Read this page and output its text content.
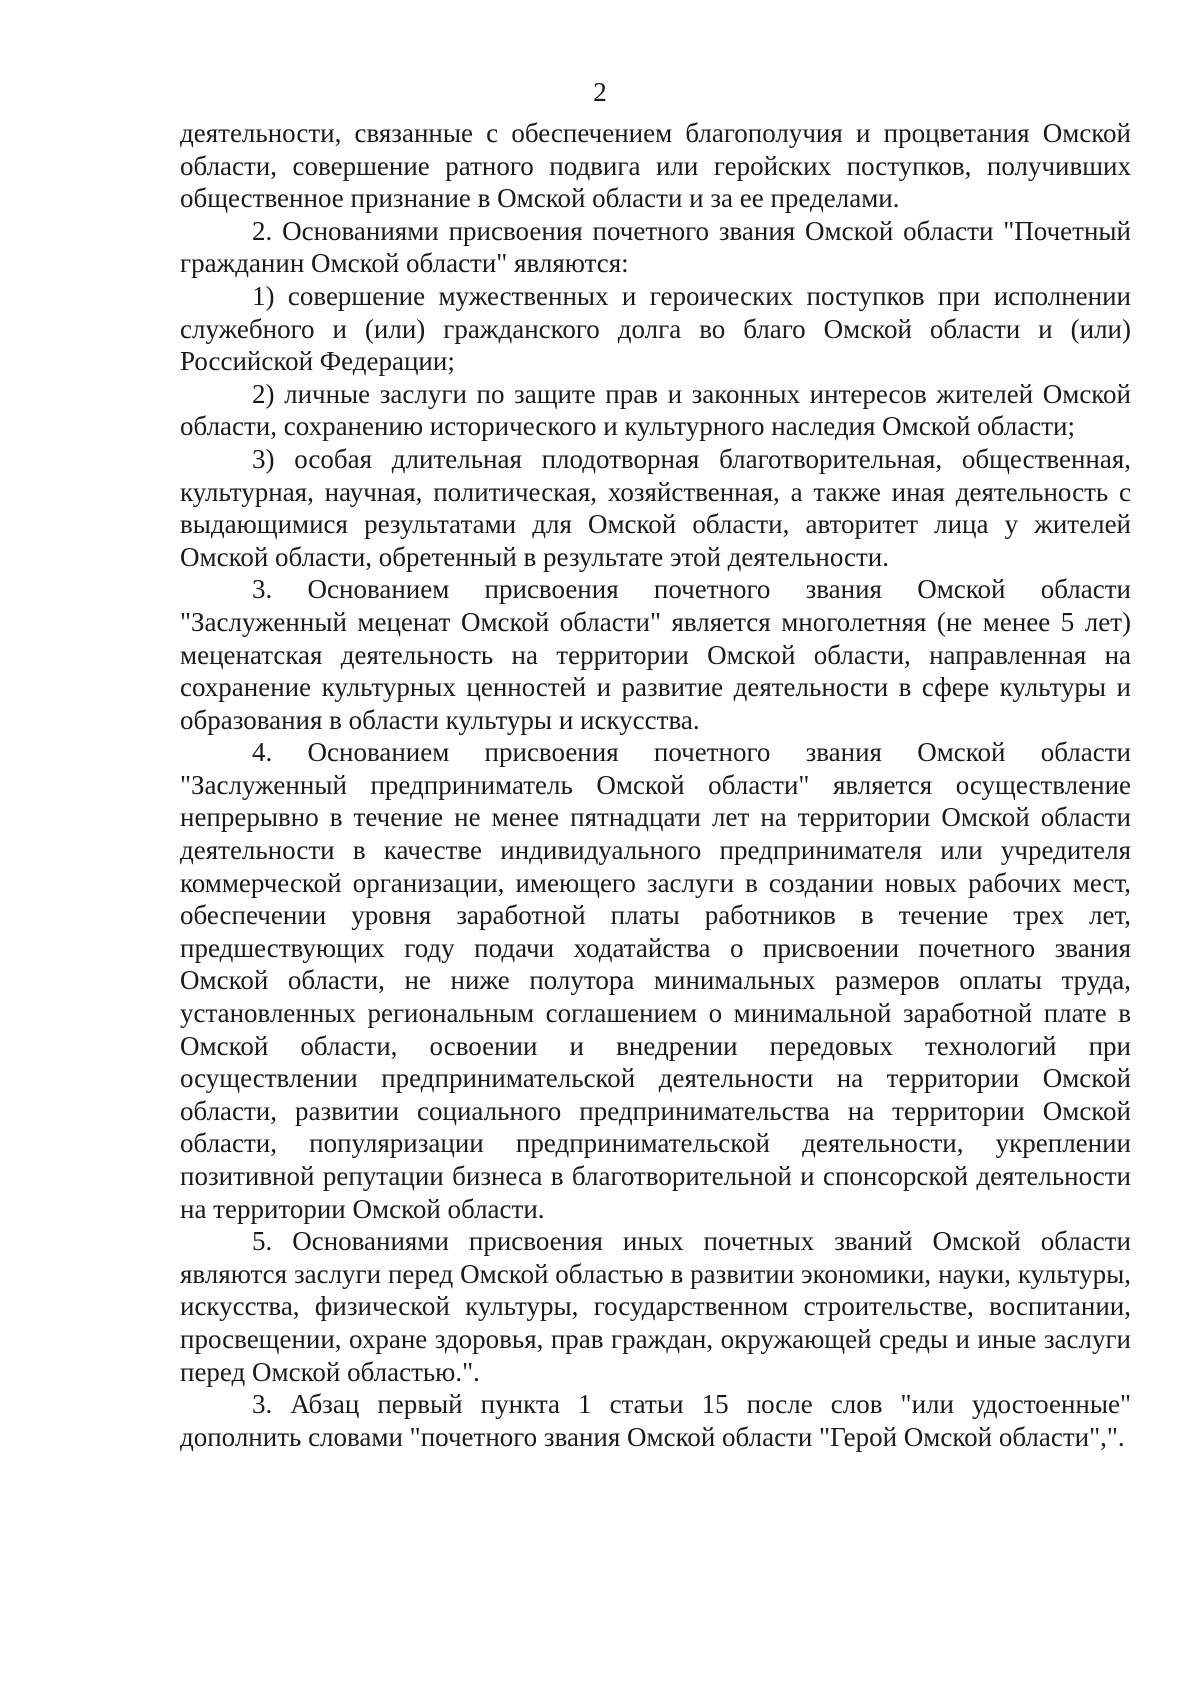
2

деятельности, связанные с обеспечением благополучия и процветания Омской области, совершение ратного подвига или геройских поступков, получивших общественное признание в Омской области и за ее пределами.

2. Основаниями присвоения почетного звания Омской области "Почетный гражданин Омской области" являются:

1) совершение мужественных и героических поступков при исполнении служебного и (или) гражданского долга во благо Омской области и (или) Российской Федерации;

2) личные заслуги по защите прав и законных интересов жителей Омской области, сохранению исторического и культурного наследия Омской области;

3) особая длительная плодотворная благотворительная, общественная, культурная, научная, политическая, хозяйственная, а также иная деятельность с выдающимися результатами для Омской области, авторитет лица у жителей Омской области, обретенный в результате этой деятельности.

3. Основанием присвоения почетного звания Омской области "Заслуженный меценат Омской области" является многолетняя (не менее 5 лет) меценатская деятельность на территории Омской области, направленная на сохранение культурных ценностей и развитие деятельности в сфере культуры и образования в области культуры и искусства.

4. Основанием присвоения почетного звания Омской области "Заслуженный предприниматель Омской области" является осуществление непрерывно в течение не менее пятнадцати лет на территории Омской области деятельности в качестве индивидуального предпринимателя или учредителя коммерческой организации, имеющего заслуги в создании новых рабочих мест, обеспечении уровня заработной платы работников в течение трех лет, предшествующих году подачи ходатайства о присвоении почетного звания Омской области, не ниже полутора минимальных размеров оплаты труда, установленных региональным соглашением о минимальной заработной плате в Омской области, освоении и внедрении передовых технологий при осуществлении предпринимательской деятельности на территории Омской области, развитии социального предпринимательства на территории Омской области, популяризации предпринимательской деятельности, укреплении позитивной репутации бизнеса в благотворительной и спонсорской деятельности на территории Омской области.

5. Основаниями присвоения иных почетных званий Омской области являются заслуги перед Омской областью в развитии экономики, науки, культуры, искусства, физической культуры, государственном строительстве, воспитании, просвещении, охране здоровья, прав граждан, окружающей среды и иные заслуги перед Омской областью.".

3. Абзац первый пункта 1 статьи 15 после слов "или удостоенные" дополнить словами "почетного звания Омской области "Герой Омской области",".
